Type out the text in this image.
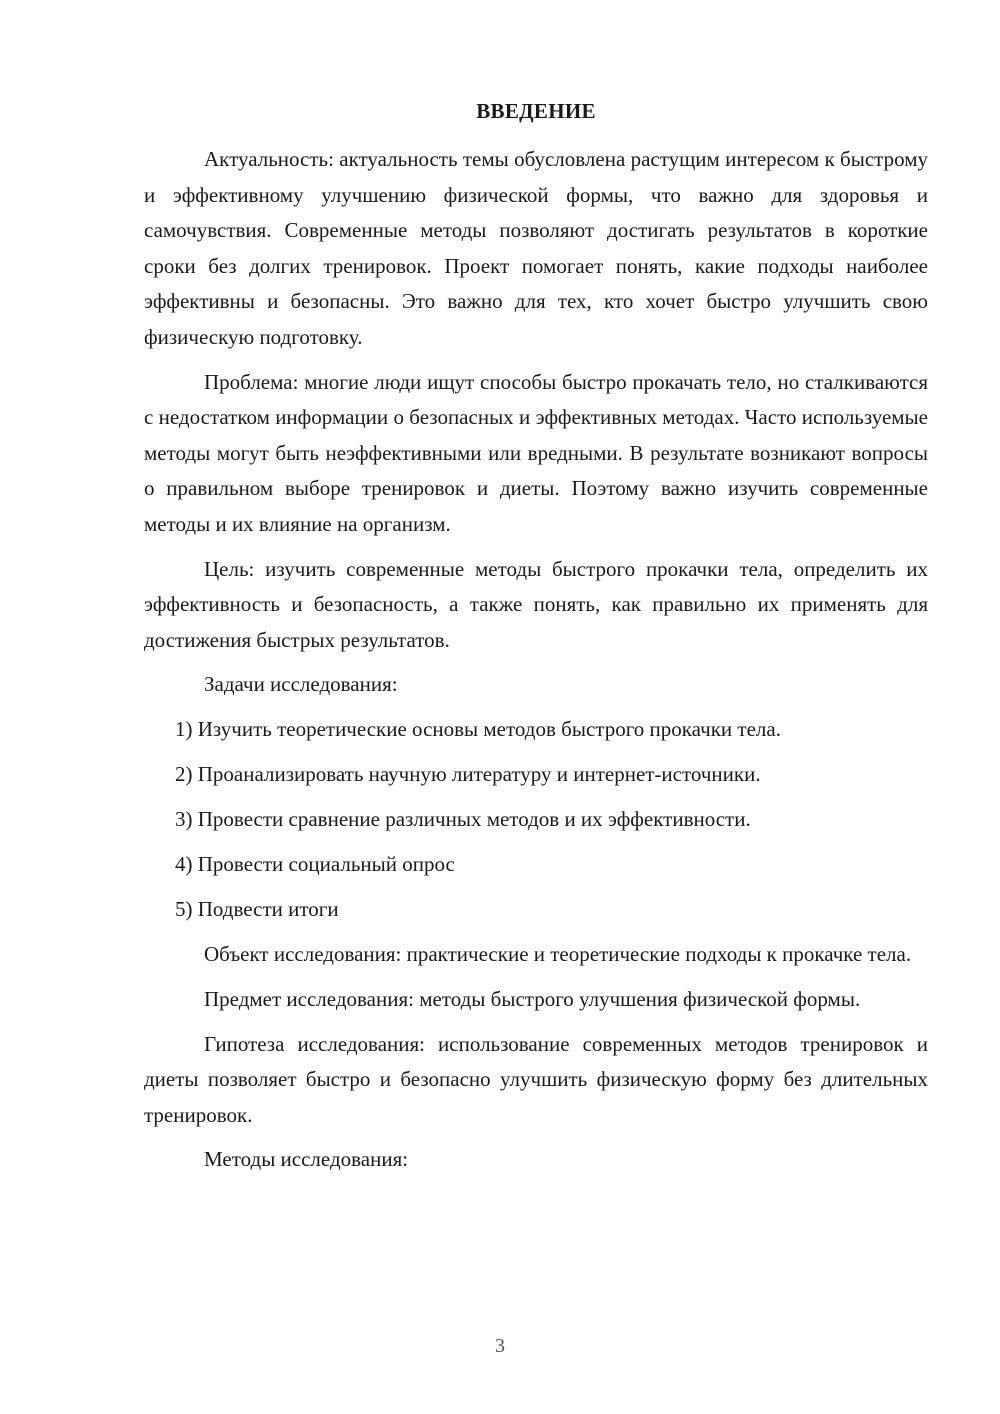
ВВЕДЕНИЕ

Актуальность: актуальность темы обусловлена растущим интересом к быстрому и эффективному улучшению физической формы, что важно для здоровья и самочувствия. Современные методы позволяют достигать результатов в короткие сроки без долгих тренировок. Проект помогает понять, какие подходы наиболее эффективны и безопасны. Это важно для тех, кто хочет быстро улучшить свою физическую подготовку.

Проблема: многие люди ищут способы быстро прокачать тело, но сталкиваются с недостатком информации о безопасных и эффективных методах. Часто используемые методы могут быть неэффективными или вредными. В результате возникают вопросы о правильном выборе тренировок и диеты. Поэтому важно изучить современные методы и их влияние на организм.

Цель: изучить современные методы быстрого прокачки тела, определить их эффективность и безопасность, а также понять, как правильно их применять для достижения быстрых результатов.

Задачи исследования:

1) Изучить теоретические основы методов быстрого прокачки тела.

2) Проанализировать научную литературу и интернет-источники.

3) Провести сравнение различных методов и их эффективности.

4) Провести социальный опрос

5) Подвести итоги

Объект исследования: практические и теоретические подходы к прокачке тела.

Предмет исследования: методы быстрого улучшения физической формы.

Гипотеза исследования: использование современных методов тренировок и диеты позволяет быстро и безопасно улучшить физическую форму без длительных тренировок.

Методы исследования:

3
